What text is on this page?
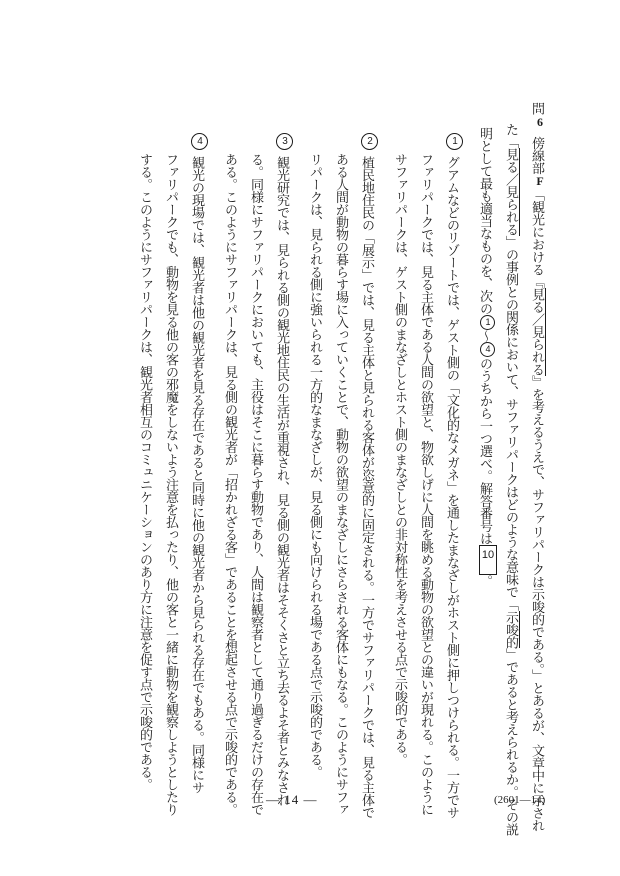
問6傍線部F「観光における『見る／見られる』を考えるうえで、サファリパークは示唆的である。」とあるが、文章中に示され
た「見る／見られる」の事例との関係において、サファリパークはどのような意味で「示唆的」であると考えられるか。その説
明として最も適当なものを、次の1～4のうちから一つ選べ。解答番号は10。
1グアムなどのリゾートでは、ゲスト側の「文化的なメガネ」を通したまなざしがホスト側に押しつけられる。一方でサ
ファリパークでは、見る主体である人間の欲望と、物欲しげに人間を眺める動物の欲望との違いが現れる。このように
サファリパークは、ゲスト側のまなざしとホスト側のまなざしとの非対称性を考えさせる点で示唆的である。
2植民地住民の「展示」では、見る主体と見られる客体が恣意的に固定される。一方でサファリパークでは、見る主体で
ある人間が動物の暮らす場に入っていくことで、動物の欲望のまなざしにさらされる客体にもなる。このようにサファ
リパークは、見られる側に強いられる一方的なまなざしが、見る側にも向けられる場である点で示唆的である。
3観光研究では、見られる側の観光地住民の生活が重視され、見る側の観光者はそそくさと立ち去るよそ者とみなされ
る。同様にサファリパークにおいても、主役はそこに暮らす動物であり、人間は観察者として通り過ぎるだけの存在で
ある。このようにサファリパークは、見る側の観光者が「招かれざる客」であることを想起させる点で示唆的である。
4観光の現場では、観光者は他の観光者を見る存在であると同時に他の観光者から見られる存在でもある。同様にサ
ファリパークでも、動物を見る他の客の邪魔をしないよう注意を払ったり、他の客と一緒に動物を観察しようとしたり
する。このようにサファリパークは、観光者相互のコミュニケーションのあり方に注意を促す点で示唆的である。
— 14 —	(2601—14)
